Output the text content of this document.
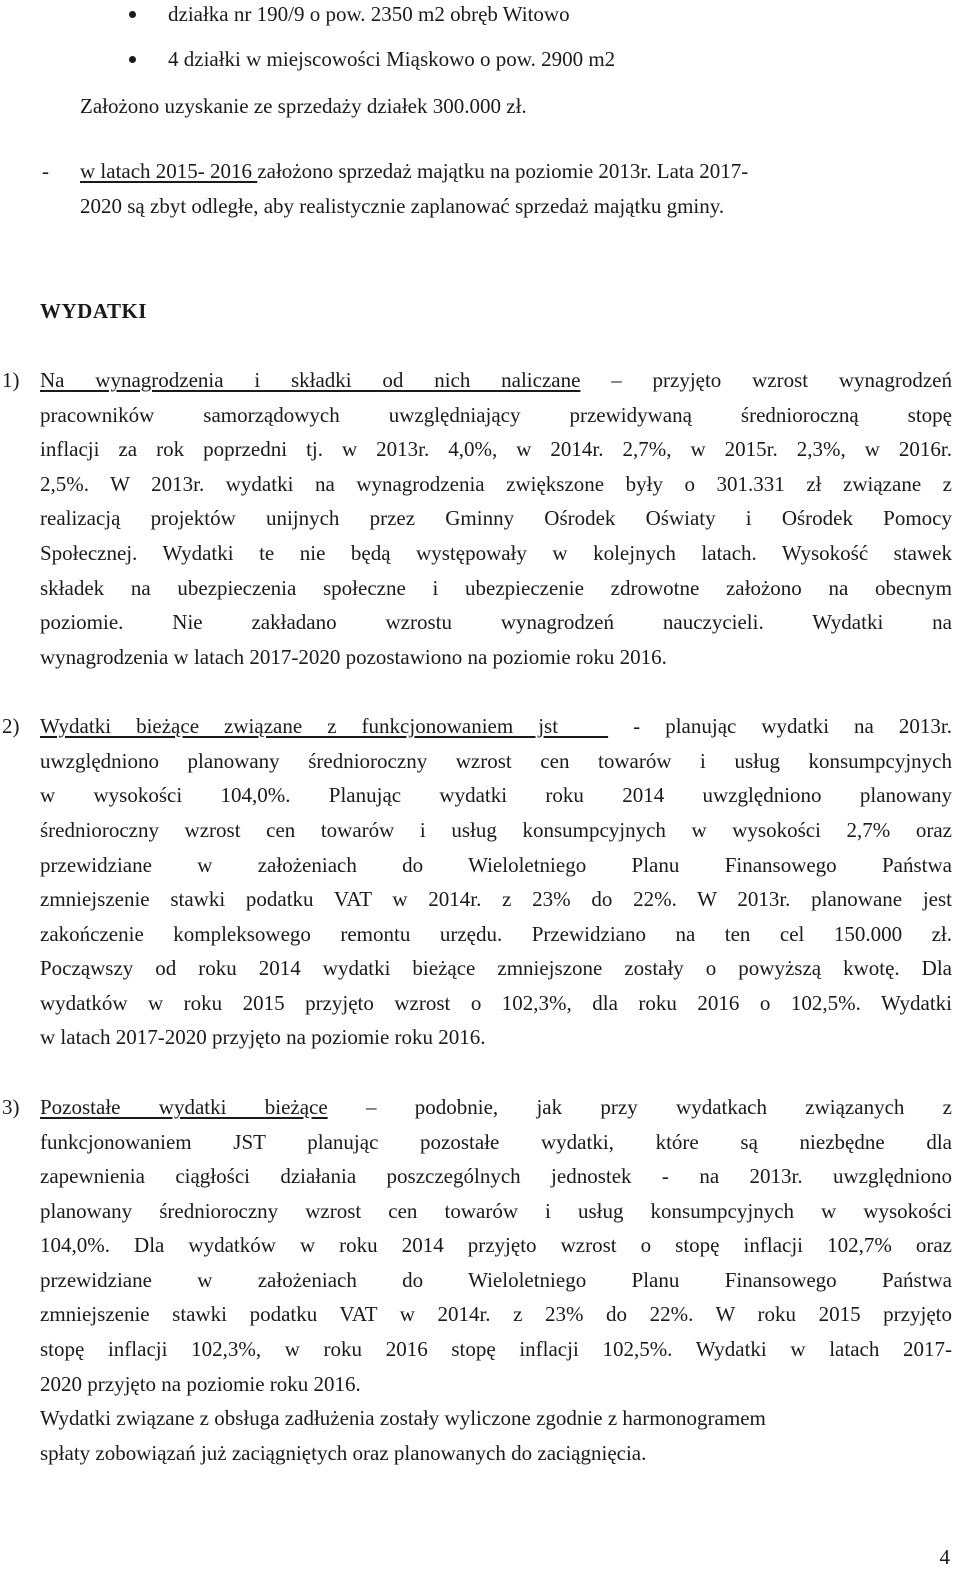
działka nr 190/9 o pow. 2350 m2 obręb Witowo
4 działki w miejscowości Miąskowo o pow. 2900 m2
Założono uzyskanie ze sprzedaży działek 300.000 zł.
- w latach 2015- 2016 założono sprzedaż majątku na poziomie 2013r. Lata 2017-
2020 są zbyt odległe, aby realistycznie zaplanować sprzedaż majątku gminy.
WYDATKI
1) Na wynagrodzenia i składki od nich naliczane – przyjęto wzrost wynagrodzeń
pracowników samorządowych uwzględniający przewidywaną średnioroczną stopę
inflacji za rok poprzedni tj. w 2013r. 4,0%, w 2014r. 2,7%, w 2015r. 2,3%, w 2016r.
2,5%. W 2013r. wydatki na wynagrodzenia zwiększone były o 301.331 zł związane z
realizacją projektów unijnych przez Gminny Ośrodek Oświaty i Ośrodek Pomocy
Społecznej. Wydatki te nie będą występowały w kolejnych latach. Wysokość stawek
składek na ubezpieczenia społeczne i ubezpieczenie zdrowotne założono na obecnym
poziomie. Nie zakładano wzrostu wynagrodzeń nauczycieli. Wydatki na
wynagrodzenia w latach 2017-2020 pozostawiono na poziomie roku 2016.
2) Wydatki bieżące związane z funkcjonowaniem jst   - planując wydatki na 2013r.
uwzględniono planowany średnioroczny wzrost cen towarów i usług konsumpcyjnych
w wysokości 104,0%. Planując wydatki roku 2014 uwzględniono planowany
średnioroczny wzrost cen towarów i usług konsumpcyjnych w wysokości 2,7% oraz
przewidziane w założeniach do Wieloletniego Planu Finansowego Państwa
zmniejszenie stawki podatku VAT w 2014r. z 23% do 22%. W 2013r. planowane jest
zakończenie kompleksowego remontu urzędu. Przewidziano na ten cel 150.000 zł.
Począwszy od roku 2014 wydatki bieżące zmniejszone zostały o powyższą kwotę. Dla
wydatków w roku 2015 przyjęto wzrost o 102,3%, dla roku 2016 o 102,5%. Wydatki
w latach 2017-2020 przyjęto na poziomie roku 2016.
3) Pozostałe wydatki bieżące – podobnie, jak przy wydatkach związanych z
funkcjonowaniem JST planując pozostałe wydatki, które są niezbędne dla
zapewnienia ciągłości działania poszczególnych jednostek - na 2013r. uwzględniono
planowany średnioroczny wzrost cen towarów i usług konsumpcyjnych w wysokości
104,0%. Dla wydatków w roku 2014 przyjęto wzrost o stopę inflacji 102,7% oraz
przewidziane w założeniach do Wieloletniego Planu Finansowego Państwa
zmniejszenie stawki podatku VAT w 2014r. z 23% do 22%. W roku 2015 przyjęto
stopę inflacji 102,3%, w roku 2016 stopę inflacji 102,5%. Wydatki w latach 2017-
2020 przyjęto na poziomie roku 2016.
Wydatki związane z obsługa zadłużenia zostały wyliczone zgodnie z harmonogramem
spłaty zobowiązań już zaciągniętych oraz planowanych do zaciągnięcia.
4
